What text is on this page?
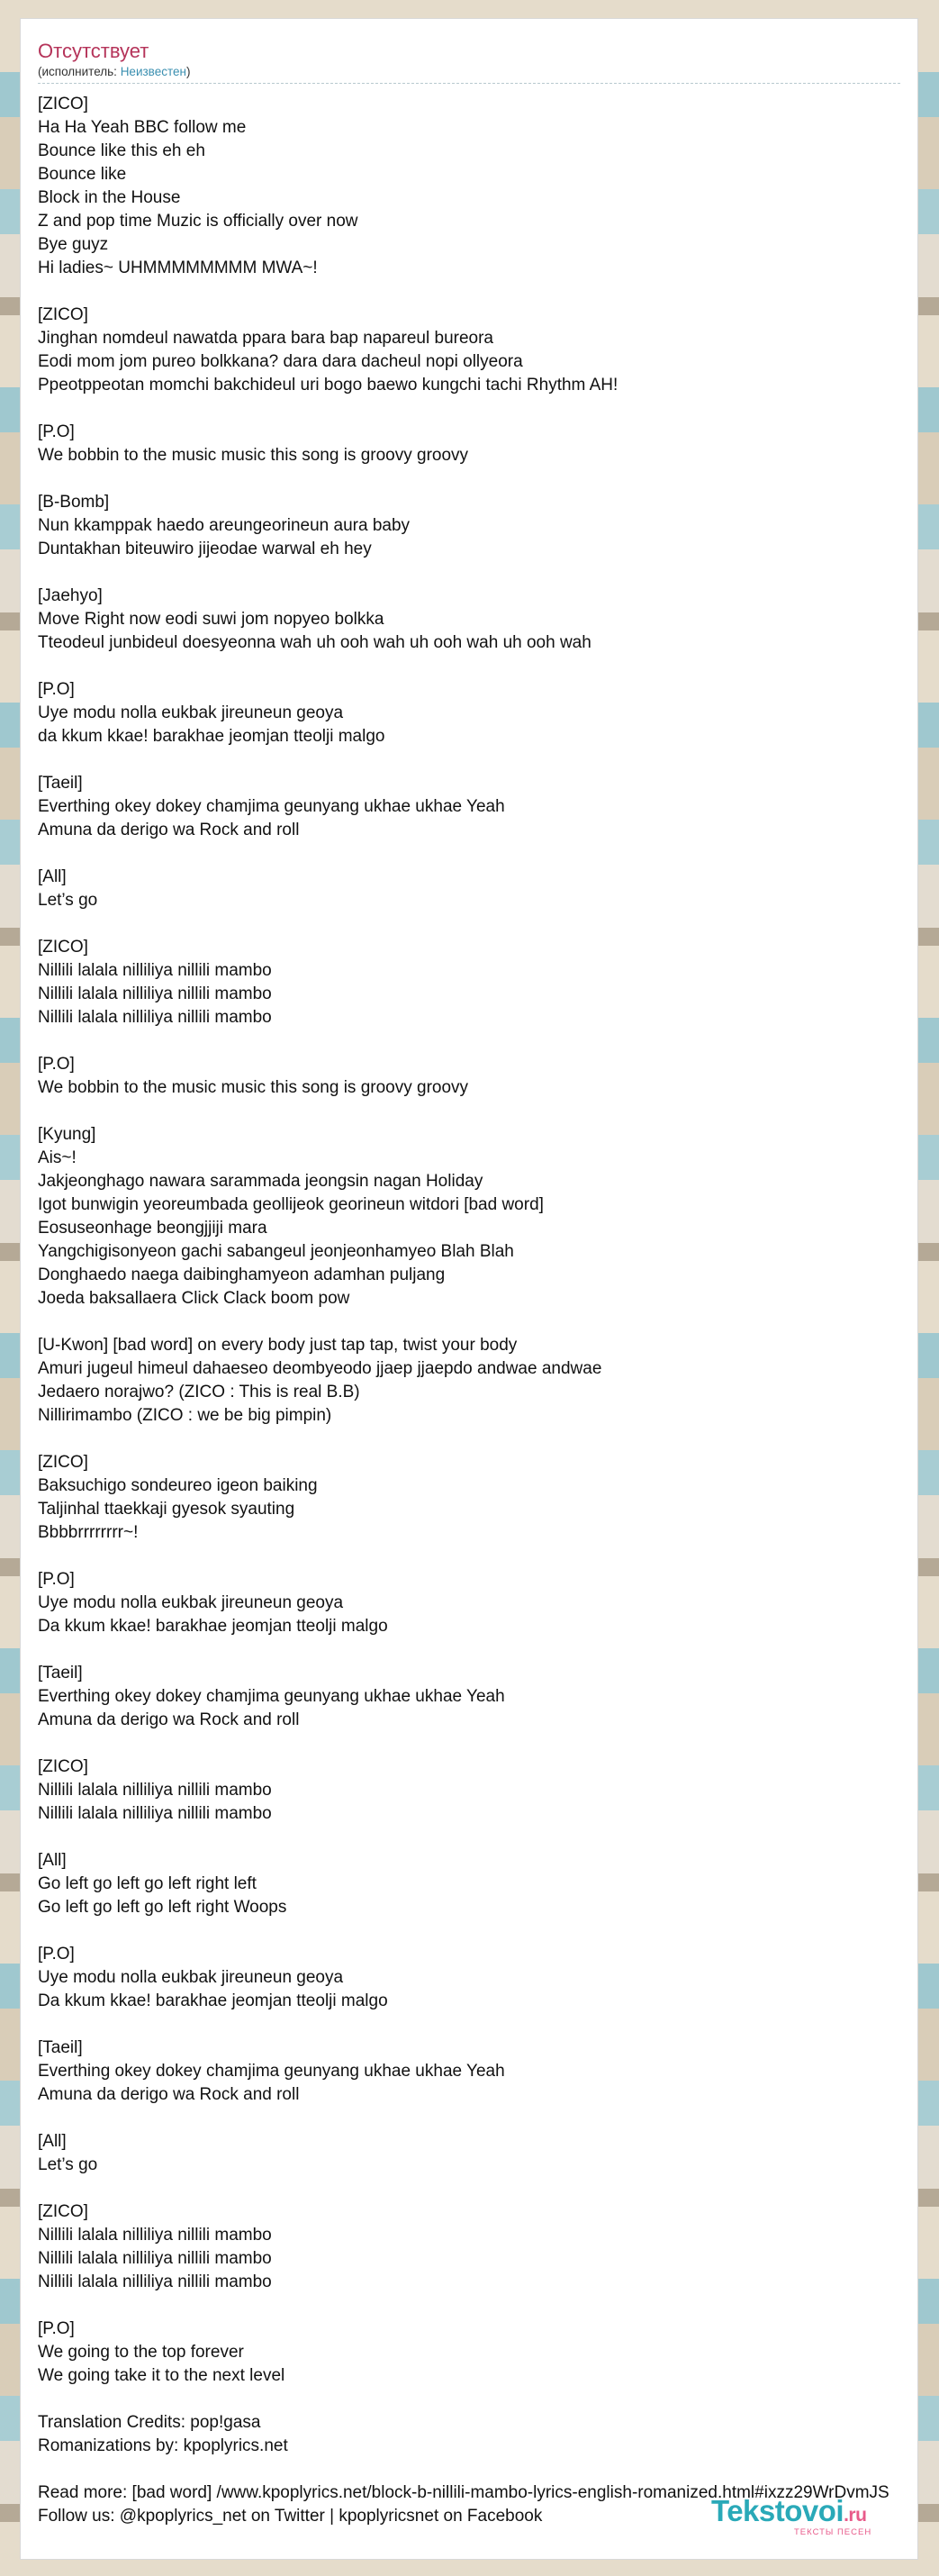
Отсутствует
(исполнитель: Неизвестен)
[ZICO]
Ha Ha Yeah BBC follow me
Bounce like this eh eh
Bounce like
Block in the House
Z and pop time Muzic is officially over now
Bye guyz
Hi ladies~ UHMMMMMMMM MWA~!
[ZICO]
Jinghan nomdeul nawatda ppara bara bap napareul bureora
Eodi mom jom pureo bolkkana? dara dara dacheul nopi ollyeora
Ppeotppeotan momchi bakchideul uri bogo baewo kungchi tachi Rhythm AH!
[P.O]
We bobbin to the music music this song is groovy groovy
[B-Bomb]
Nun kkamppak haedo areungeorineun aura baby
Duntakhan biteuwiro jijeodae warwal eh hey
[Jaehyo]
Move Right now eodi suwi jom nopyeo bolkka
Tteodeul junbideul doesyeonna wah uh ooh wah uh ooh wah uh ooh wah
[P.O]
Uye modu nolla eukbak jireuneun geoya
da kkum kkae! barakhae jeomjan tteolji malgo
[Taeil]
Everthing okey dokey chamjima geunyang ukhae ukhae Yeah
Amuna da derigo wa Rock and roll
[All]
Let’s go
[ZICO]
Nillili lalala nilliliya nillili mambo
Nillili lalala nilliliya nillili mambo
Nillili lalala nilliliya nillili mambo
[P.O]
We bobbin to the music music this song is groovy groovy
[Kyung]
Ais~!
Jakjeonghago nawara sarammada jeongsin nagan Holiday
Igot bunwigin yeoreumbada geollijeok georineun witdori [bad word]
Eosuseonhage beongjjiji mara
Yangchigisonyeon gachi sabangeul jeonjeonhamyeo Blah Blah
Donghaedo naega daibinghamyeon adamhan puljang
Joeda baksallaera Click Clack boom pow
[U-Kwon] [bad word] on every body just tap tap, twist your body
Amuri jugeul himeul dahaeseo deombyeodo jjaep jjaepdo andwae andwae
Jedaero norajwo? (ZICO : This is real B.B)
Nillirimambo (ZICO : we be big pimpin)
[ZICO]
Baksuchigo sondeureo igeon baiking
Taljinhal ttaekkaji gyesok syauting
Bbbbrrrrrrrr~!
[P.O]
Uye modu nolla eukbak jireuneun geoya
Da kkum kkae! barakhae jeomjan tteolji malgo
[Taeil]
Everthing okey dokey chamjima geunyang ukhae ukhae Yeah
Amuna da derigo wa Rock and roll
[ZICO]
Nillili lalala nilliliya nillili mambo
Nillili lalala nilliliya nillili mambo
[All]
Go left go left go left right left
Go left go left go left right Woops
[P.O]
Uye modu nolla eukbak jireuneun geoya
Da kkum kkae! barakhae jeomjan tteolji malgo
[Taeil]
Everthing okey dokey chamjima geunyang ukhae ukhae Yeah
Amuna da derigo wa Rock and roll
[All]
Let’s go
[ZICO]
Nillili lalala nilliliya nillili mambo
Nillili lalala nilliliya nillili mambo
Nillili lalala nilliliya nillili mambo
[P.O]
We going to the top forever
We going take it to the next level
Translation Credits: pop!gasa
Romanizations by: kpoplyrics.net
Read more: [bad word] /www.kpoplyrics.net/block-b-nillili-mambo-lyrics-english-romanized.html#ixzz29WrDvmJS
Follow us: @kpoplyrics_net on Twitter | kpoplyricsnet on Facebook	Tekstovoi.ru
ТЕКСТЫ ПЕСЕН
